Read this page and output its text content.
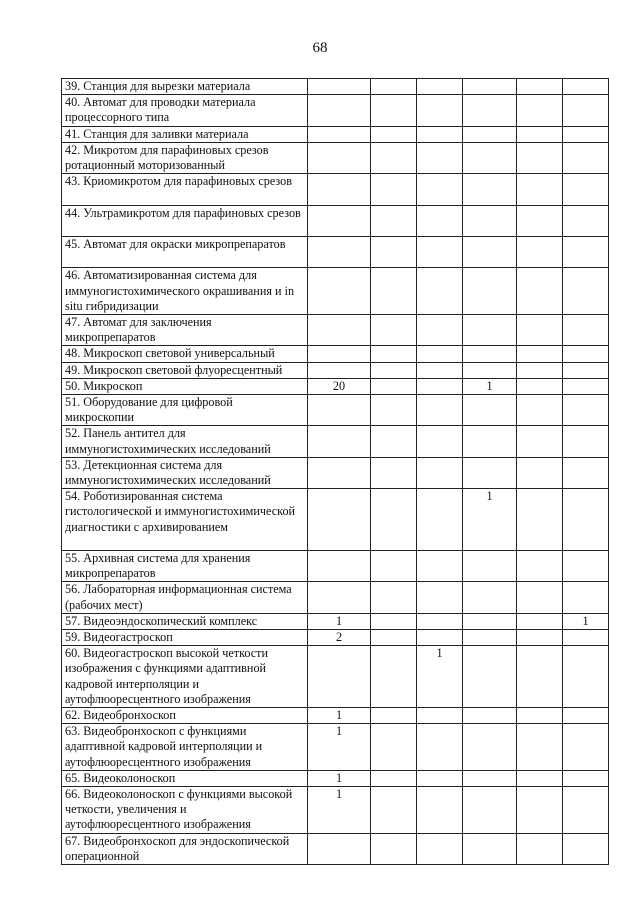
68
39. Станция для вырезки материала						
40. Автомат для проводки материала процессорного типа						
41. Станция для заливки материала						
42. Микротом для парафиновых срезов ротационный моторизованный						
43. Криомикротом для парафиновых срезов						
44. Ультрамикротом для парафиновых срезов						
45. Автомат для окраски микропрепаратов						
46. Автоматизированная система для иммуногистохимического окрашивания и in situ гибридизации						
47. Автомат для заключения микропрепаратов						
48. Микроскоп световой универсальный						
49. Микроскоп световой флуоресцентный						
50. Микроскоп	20			1		
51. Оборудование для цифровой микроскопии						
52. Панель антител для иммуногистохимических исследований						
53. Детекционная система для иммуногистохимических исследований						
54. Роботизированная система гистологической и иммуногистохимической диагностики с архивированием				1		
55. Архивная система для хранения микропрепаратов						
56. Лабораторная информационная система (рабочих мест)						
57. Видеоэндоскопический комплекс	1					1
59. Видеогастроскоп	2					
60. Видеогастроскоп высокой четкости изображения с функциями адаптивной кадровой интерполяции и аутофлюоресцентного изображения			1			
62. Видеобронхоскоп	1					
63. Видеобронхоскоп с функциями адаптивной кадровой интерполяции и аутофлюоресцентного изображения	1					
65. Видеоколоноскоп	1					
66. Видеоколоноскоп с функциями высокой четкости, увеличения и аутофлюоресцентного изображения	1					
67. Видеобронхоскоп для эндоскопической операционной						
